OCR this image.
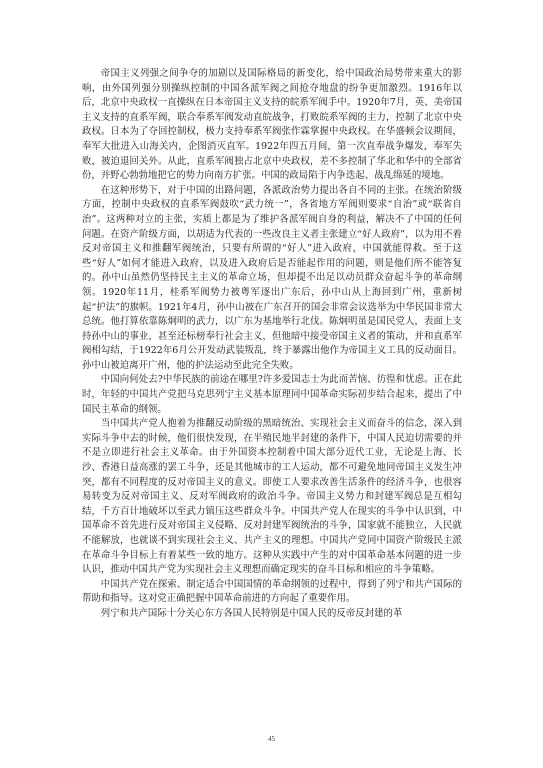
帝国主义列强之间争夺的加剧以及国际格局的新变化，给中国政治局势带来重大的影响，由外国列强分别操纵控制的中国各派军阀之间抢夺地盘的纷争更加激烈。1916年以后，北京中央政权一直操纵在日本帝国主义支持的皖系军阀手中。1920年7月，英、美帝国主义支持的直系军阀，联合奉系军阀发动直皖战争，打败皖系军阀的主力，控制了北京中央政权。日本为了夺回控制权，极力支持奉系军阀张作霖掌握中央政权。在华盛顿会议期间，奉军大批进入山海关内，企图消灭直军。1922年四五月间，第一次直奉战争爆发，奉军失败，被迫退回关外。从此，直系军阀独占北京中央政权，差不多控制了华北和华中的全部省份，并野心勃勃地把它的势力向南方扩张。中国的政局陷于内争迭起、战乱绵延的境地。

在这种形势下，对于中国的出路问题，各派政治势力提出各自不同的主张。在统治阶级方面，控制中央政权的直系军阀鼓吹“武力统一”，各省地方军阀则要求“自治”或“联省自治”。这两种对立的主张，实质上都是为了维护各派军阀自身的利益，解决不了中国的任何问题。在资产阶级方面，以胡适为代表的一些改良主义者主张建立“好人政府”，以为用不着反对帝国主义和推翻军阀统治，只要有所谓的“好人”进入政府，中国就能得救。至于这些“好人”如何才能进入政府，以及进入政府后是否能起作用的问题，则是他们所不能答复的。孙中山虽然仍坚持民主主义的革命立场，但却提不出足以动员群众奋起斗争的革命纲领。1920年11月，桂系军阀势力被粤军逐出广东后，孙中山从上海回到广州，重新树起“护法”的旗帜。1921年4月，孙中山被在广东召开的国会非常会议选举为中华民国非常大总统。他打算依靠陈炯明的武力，以广东为基地举行北伐。陈炯明虽是国民党人，表面上支持孙中山的事业，甚至还标榜奉行社会主义，但他暗中接受帝国主义者的策动，并和直系军阀相勾结，于1922年6月公开发动武装叛乱，终于暴露出他作为帝国主义工具的反动面目。孙中山被迫离开广州，他的护法运动至此完全失败。

中国向何处去?中华民族的前途在哪里?许多爱国志士为此而苦恼、彷徨和忧虑。正在此时，年轻的中国共产党把马克思列宁主义基本原理同中国革命实际初步结合起来，提出了中国民主革命的纲领。

当中国共产党人抱着为推翻反动阶级的黑暗统治、实现社会主义而奋斗的信念，深入到实际斗争中去的时候，他们很快发现，在半殖民地半封建的条件下，中国人民迫切需要的并不是立即进行社会主义革命。由于外国资本控制着中国大部分近代工业，无论是上海、长沙、香港日益高涨的罢工斗争，还是其他城市的工人运动，都不可避免地同帝国主义发生冲突，都有不同程度的反对帝国主义的意义。即使工人要求改善生活条件的经济斗争，也很容易转变为反对帝国主义、反对军阀政府的政治斗争。帝国主义势力和封建军阀总是互相勾结，千方百计地破坏以至武力镇压这些群众斗争。中国共产党人在现实的斗争中认识到，中国革命不首先进行反对帝国主义侵略、反对封建军阀统治的斗争，国家就不能独立，人民就不能解放，也就谈不到实现社会主义、共产主义的理想。中国共产党同中国资产阶级民主派在革命斗争目标上有着某些一致的地方。这种从实践中产生的对中国革命基本问题的进一步认识，推动中国共产党为实现社会主义理想而确定现实的奋斗目标和相应的斗争策略。

中国共产党在探索、制定适合中国国情的革命纲领的过程中，得到了列宁和共产国际的帮助和指导。这对党正确把握中国革命前进的方向起了重要作用。

列宁和共产国际十分关心东方各国人民特别是中国人民的反帝反封建的革

45
